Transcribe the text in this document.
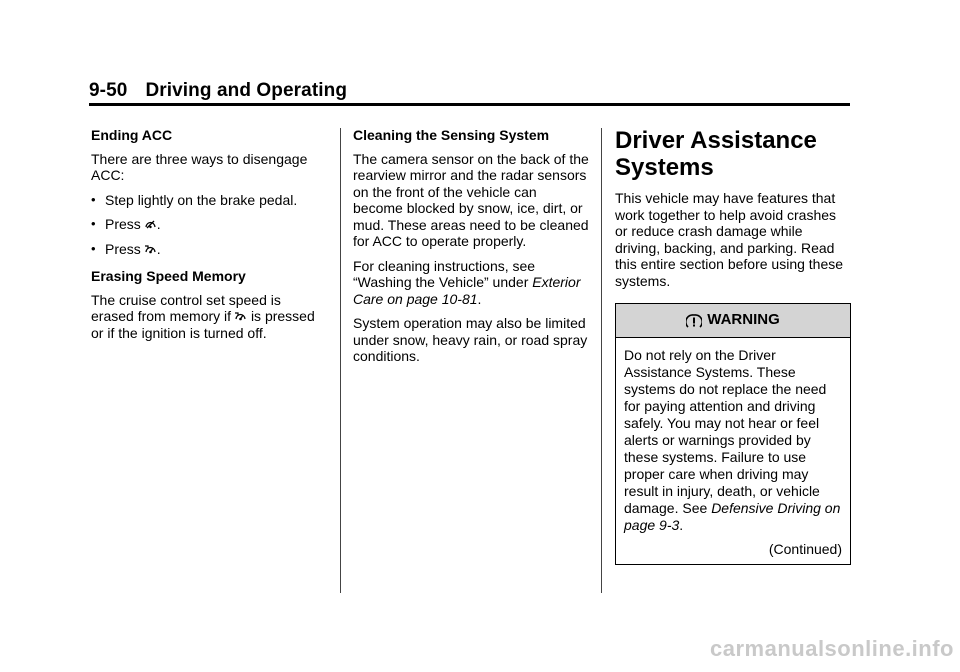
9-50 Driving and Operating
Ending ACC

There are three ways to disengage ACC:

• Step lightly on the brake pedal.
• Press .
• Press .
Erasing Speed Memory

The cruise control set speed is erased from memory if is pressed or if the ignition is turned off.

Cleaning the Sensing System

The camera sensor on the back of the rearview mirror and the radar sensors on the front of the vehicle can become blocked by snow, ice, dirt, or mud. These areas need to be cleaned for ACC to operate properly.

For cleaning instructions, see “Washing the Vehicle” under Exterior Care on page 10-81.

System operation may also be limited under snow, heavy rain, or road spray conditions.

Driver Assistance Systems

This vehicle may have features that work together to help avoid crashes or reduce crash damage while driving, backing, and parking. Read this entire section before using these systems.

WARNING
Do not rely on the Driver Assistance Systems. These systems do not replace the need for paying attention and driving safely. You may not hear or feel alerts or warnings provided by these systems. Failure to use proper care when driving may result in injury, death, or vehicle damage. See Defensive Driving on page 9-3.
(Continued)
carmanualsonline.info
